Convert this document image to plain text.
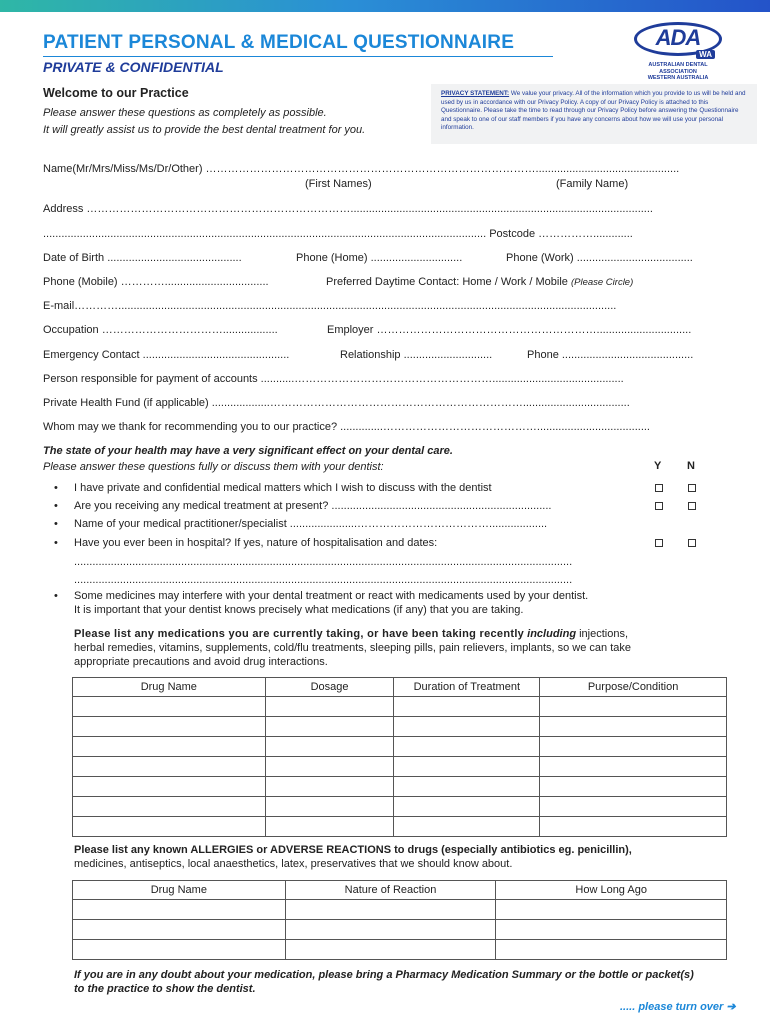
PATIENT PERSONAL & MEDICAL QUESTIONNAIRE
PRIVATE & CONFIDENTIAL
ADA
WA
AUSTRALIAN DENTAL ASSOCIATION
WESTERN AUSTRALIA
Welcome to our Practice
Please answer these questions as completely as possible.
It will greatly assist us to provide the best dental treatment for you.
PRIVACY STATEMENT: We value your privacy. All of the information which you provide to us will be held and used by us in accordance with our Privacy Policy. A copy of our Privacy Policy is attached to this Questionnaire. Please take the time to read through our Privacy Policy before answering the Questionnaire and speak to one of our staff members if you have any concerns about how we will use your personal information.
Name(Mr/Mrs/Miss/Ms/Dr/Other) ………………………………………………………………………………...............................................
(First Names)	(Family Name)
Address ………………………………………………………………...................................................................................................
................................................................................................................................................. Postcode …………….............
Date of Birth ............................................	Phone (Home) ..............................	Phone (Work) ......................................
Phone (Mobile) …………..................................	Preferred Daytime Contact: Home / Work / Mobile (Please Circle)
E-mail…………...................................................................................................................................................................
Occupation ……………………………..................	Employer ……………………………………………………...............................
Emergency Contact ................................................	Relationship .............................	Phone ...........................................
Person responsible for payment of accounts ...........………………………………………………...........................................
Private Health Fund (if applicable) ...................……………………………………………………………...................................
Whom may we thank for recommending you to our practice? ..............…………………………………….....................................
The state of your health may have a very significant effect on your dental care.
Please answer these questions fully or discuss them with your dentist:	Y N
• I have private and confidential medical matters which I wish to discuss with the dentist
• Are you receiving any medical treatment at present? ........................................................................
• Name of your medical practitioner/specialist ......................………………………………...................
• Have you ever been in hospital? If yes, nature of hospitalisation and dates:
...................................................................................................................................................................
...................................................................................................................................................................
• Some medicines may interfere with your dental treatment or react with medicaments used by your dentist.
It is important that your dentist knows precisely what medications (if any) that you are taking.
Please list any medications you are currently taking, or have been taking recently including injections,
herbal remedies, vitamins, supplements, cold/flu treatments, sleeping pills, pain relievers, implants, so we can take
appropriate precautions and avoid drug interactions.
Drug Name	Dosage	Duration of Treatment	Purpose/Condition

Please list any known ALLERGIES or ADVERSE REACTIONS to drugs (especially antibiotics eg. penicillin),
medicines, antiseptics, local anaesthetics, latex, preservatives that we should know about.
Drug Name	Nature of Reaction	How Long Ago

If you are in any doubt about your medication, please bring a Pharmacy Medication Summary or the bottle or packet(s)
to the practice to show the dentist.
..... please turn over ➔
